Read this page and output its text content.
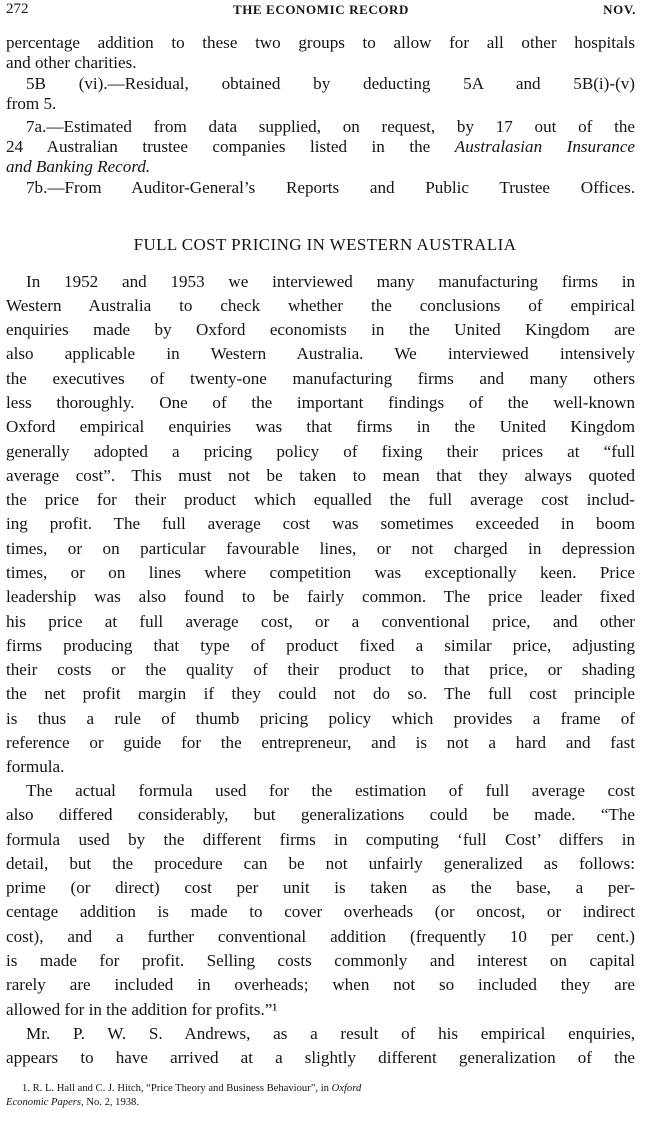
272	THE ECONOMIC RECORD	NOV.
percentage addition to these two groups to allow for all other hospitals
and other charities.
5B (vi).—Residual, obtained by deducting 5A and 5B(i)-(v)
from 5.
7a.—Estimated from data supplied, on request, by 17 out of the
24 Australian trustee companies listed in the Australasian Insurance
and Banking Record.
7b.—From Auditor-General’s Reports and Public Trustee Offices.
FULL COST PRICING IN WESTERN AUSTRALIA
In 1952 and 1953 we interviewed many manufacturing firms in
Western Australia to check whether the conclusions of empirical
enquiries made by Oxford economists in the United Kingdom are
also applicable in Western Australia. We interviewed intensively
the executives of twenty-one manufacturing firms and many others
less thoroughly. One of the important findings of the well-known
Oxford empirical enquiries was that firms in the United Kingdom
generally adopted a pricing policy of fixing their prices at “full
average cost”. This must not be taken to mean that they always quoted
the price for their product which equalled the full average cost includ-
ing profit. The full average cost was sometimes exceeded in boom
times, or on particular favourable lines, or not charged in depression
times, or on lines where competition was exceptionally keen. Price
leadership was also found to be fairly common. The price leader fixed
his price at full average cost, or a conventional price, and other
firms producing that type of product fixed a similar price, adjusting
their costs or the quality of their product to that price, or shading
the net profit margin if they could not do so. The full cost principle
is thus a rule of thumb pricing policy which provides a frame of
reference or guide for the entrepreneur, and is not a hard and fast
formula.
The actual formula used for the estimation of full average cost
also differed considerably, but generalizations could be made. “The
formula used by the different firms in computing ‘full Cost’ differs in
detail, but the procedure can be not unfairly generalized as follows:
prime (or direct) cost per unit is taken as the base, a per-
centage addition is made to cover overheads (or oncost, or indirect
cost), and a further conventional addition (frequently 10 per cent.)
is made for profit. Selling costs commonly and interest on capital
rarely are included in overheads; when not so included they are
allowed for in the addition for profits.”¹
Mr. P. W. S. Andrews, as a result of his empirical enquiries,
appears to have arrived at a slightly different generalization of the
1. R. L. Hall and C. J. Hitch, “Price Theory and Business Behaviour”, in Oxford
Economic Papers, No. 2, 1938.
